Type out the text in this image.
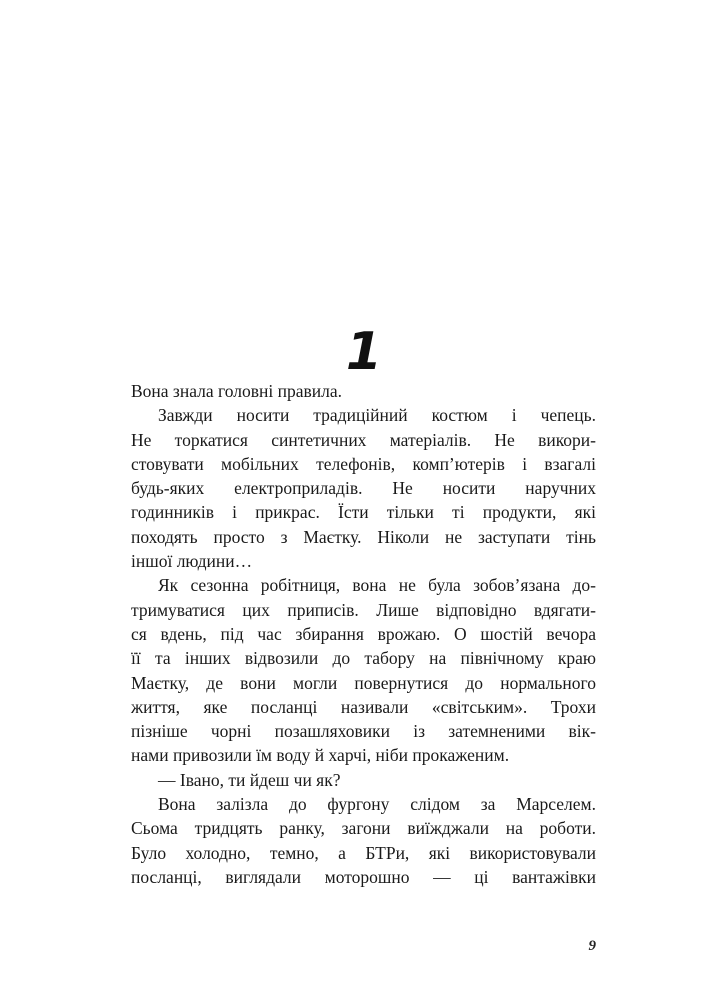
1
Вона знала головні правила.
Завжди носити традиційний костюм і чепець.
Не торкатися синтетичних матеріалів. Не викори-
стовувати мобільних телефонів, комп’ютерів і взагалі
будь-яких електроприладів. Не носити наручних
годинників і прикрас. Їсти тільки ті продукти, які
походять просто з Маєтку. Ніколи не заступати тінь
іншої людини…
Як сезонна робітниця, вона не була зобов’язана до-
тримуватися цих приписів. Лише відповідно вдягати-
ся вдень, під час збирання врожаю. О шостій вечора
її та інших відвозили до табору на північному краю
Маєтку, де вони могли повернутися до нормального
життя, яке посланці називали «світським». Трохи
пізніше чорні позашляховики із затемненими вік-
нами привозили їм воду й харчі, ніби прокаженим.
— Івано, ти йдеш чи як?
Вона залізла до фургону слідом за Марселем.
Сьома тридцять ранку, загони виїжджали на роботи.
Було холодно, темно, а БТРи, які використовували
посланці, виглядали моторошно — ці вантажівки
9
